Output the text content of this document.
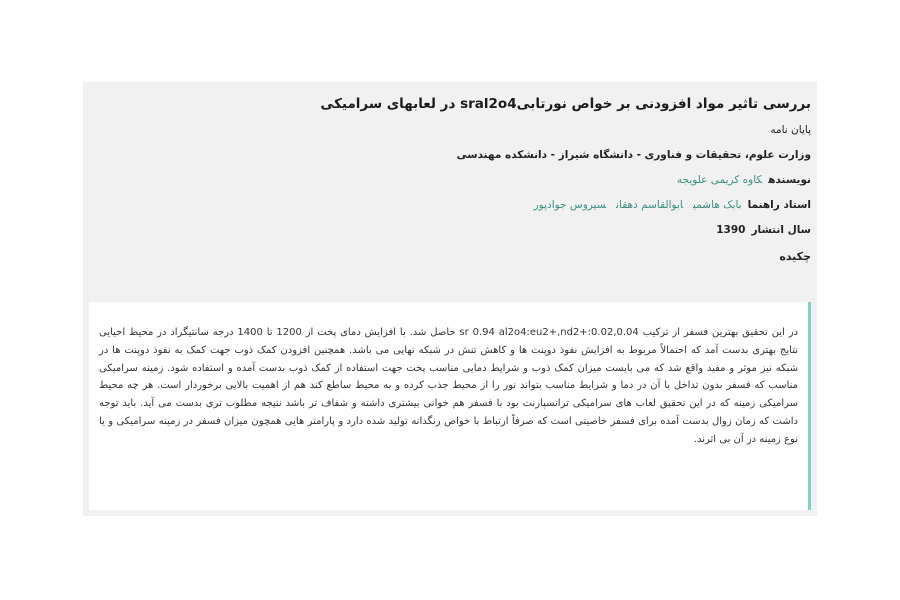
بررسی تاثیر مواد افزودنی بر خواص نورتابیsral2o4 در لعابهای سرامیکی
پایان نامه
وزارت علوم، تحقیقات و فناوری - دانشگاه شیراز - دانشکده مهندسی
نویسندهکاوه کریمی علویجه
استاد راهنمابابک هاشمیابوالقاسم دهقانسیروس جوادپور
سال انتشار1390
چکیده
در این تحقیق بهترین فسفر از ترکیب sr 0.94 al2o4:eu2+,nd2+:0.02,0.04 حاصل شد. با افزایش دمای پخت از 1200 تا 1400 درجه سانتیگراد در محیط احیایی نتایج بهتری بدست آمد که احتمالاً مربوط به افزایش نفوذ دوپنت ها و کاهش تنش در شبکه نهایی می باشد. همچنین افزودن کمک ذوب جهت کمک به نفوذ دوپنت ها در شبکه نیز موثر و مفید واقع شد که می بایست میزان کمک ذوب و شرایط دمایی مناسب پخت جهت استفاده از کمک ذوب بدست آمده و استفاده شود. زمینه سرامیکی مناسب که فسفر بدون تداخل با آن در دما و شرایط مناسب بتواند نور را از محیط جذب کرده و به محیط ساطع کند هم از اهمیت بالایی برخوردار است. هر چه محیط سرامیکی زمینه که در این تحقیق لعاب های سرامیکی ترانسپارنت بود با فسفر هم خوانی بیشتری داشته و شفاف تر باشد نتیجه مطلوب تری بدست می آید. باید توجه داشت که زمان زوال بدست آمده برای فسفر خاصیتی است که صرفاً ارتباط با خواص رنگدانه تولید شده دارد و پارامتر هایی همچون میزان فسفر در زمینه سرامیکی و یا نوع زمینه در آن بی اثرند.
